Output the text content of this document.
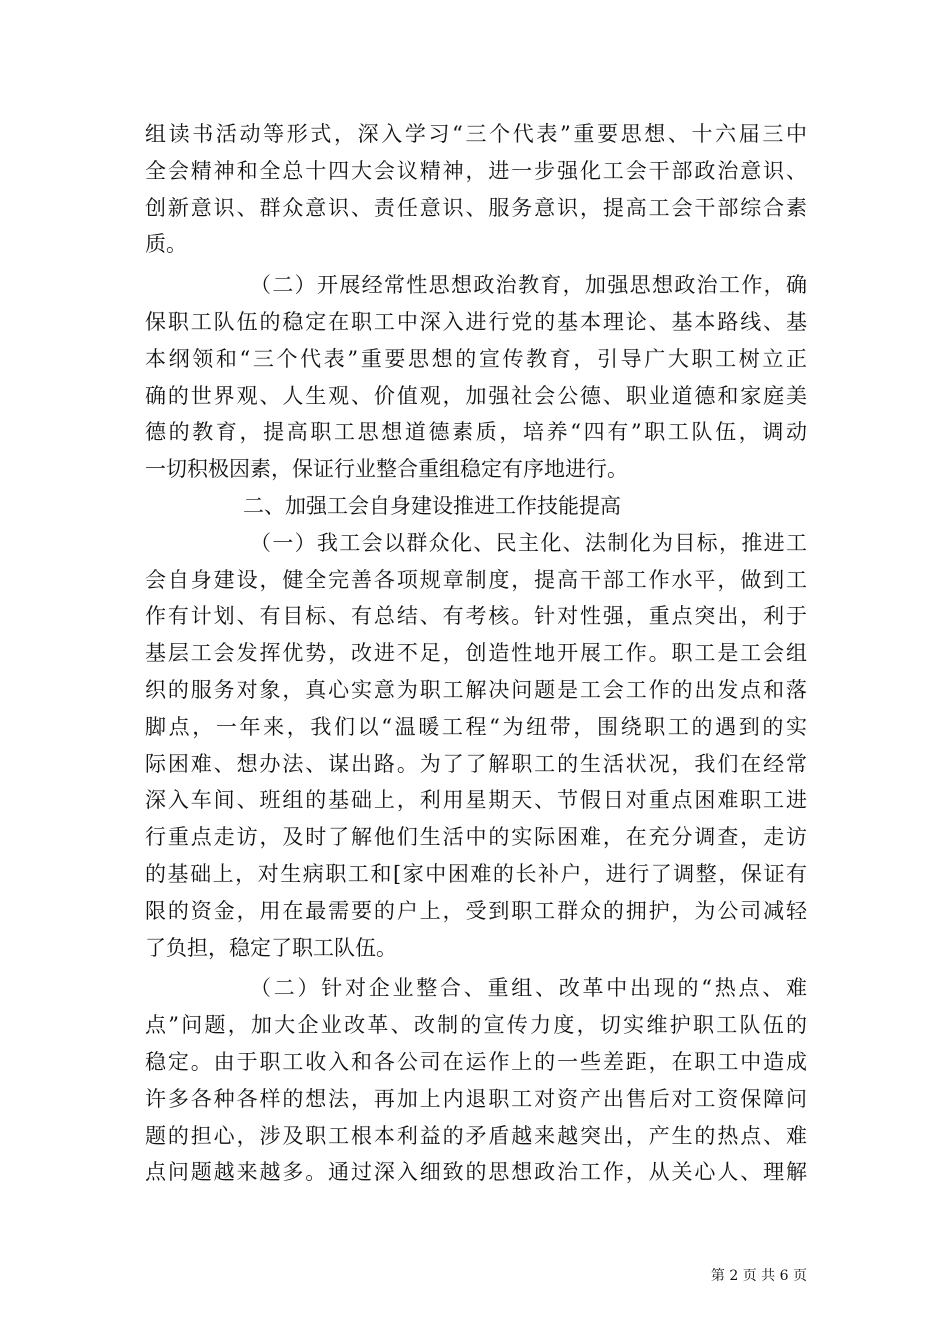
组读书活动等形式，深入学习“三个代表”重要思想、十六届三中
全会精神和全总十四大会议精神，进一步强化工会干部政治意识、
创新意识、群众意识、责任意识、服务意识，提高工会干部综合素
质。
（二）开展经常性思想政治教育，加强思想政治工作，确
保职工队伍的稳定在职工中深入进行党的基本理论、基本路线、基
本纲领和“三个代表”重要思想的宣传教育，引导广大职工树立正
确的世界观、人生观、价值观，加强社会公德、职业道德和家庭美
德的教育，提高职工思想道德素质，培养“四有”职工队伍，调动
一切积极因素，保证行业整合重组稳定有序地进行。
二、加强工会自身建设推进工作技能提高
（一）我工会以群众化、民主化、法制化为目标，推进工
会自身建设，健全完善各项规章制度，提高干部工作水平，做到工
作有计划、有目标、有总结、有考核。针对性强，重点突出，利于
基层工会发挥优势，改进不足，创造性地开展工作。职工是工会组
织的服务对象，真心实意为职工解决问题是工会工作的出发点和落
脚点，一年来，我们以“温暖工程“为纽带，围绕职工的遇到的实
际困难、想办法、谋出路。为了了解职工的生活状况，我们在经常
深入车间、班组的基础上，利用星期天、节假日对重点困难职工进
行重点走访，及时了解他们生活中的实际困难，在充分调查，走访
的基础上，对生病职工和[家中困难的长补户，进行了调整，保证有
限的资金，用在最需要的户上，受到职工群众的拥护，为公司减轻
了负担，稳定了职工队伍。
（二）针对企业整合、重组、改革中出现的“热点、难
点”问题，加大企业改革、改制的宣传力度，切实维护职工队伍的
稳定。由于职工收入和各公司在运作上的一些差距，在职工中造成
许多各种各样的想法，再加上内退职工对资产出售后对工资保障问
题的担心，涉及职工根本利益的矛盾越来越突出，产生的热点、难
点问题越来越多。通过深入细致的思想政治工作，从关心人、理解
第 2 页 共 6 页
